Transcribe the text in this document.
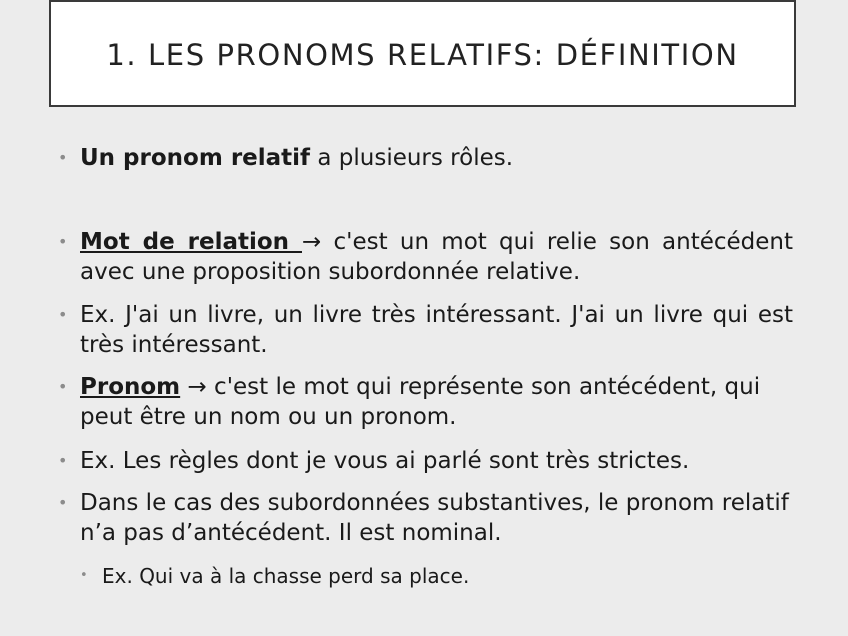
1. LES PRONOMS RELATIFS: DÉFINITION
• Un pronom relatif a plusieurs rôles.
• Mot de relation → c'est un mot qui relie son antécédent avec une proposition subordonnée relative.
• Ex. J'ai un livre, un livre très intéressant. J'ai un livre qui est très intéressant.
• Pronom → c'est le mot qui représente son antécédent, qui peut être un nom ou un pronom.
• Ex. Les règles dont je vous ai parlé sont très strictes.
• Dans le cas des subordonnées substantives, le pronom relatif n’a pas d’antécédent. Il est nominal.
• Ex. Qui va à la chasse perd sa place.
